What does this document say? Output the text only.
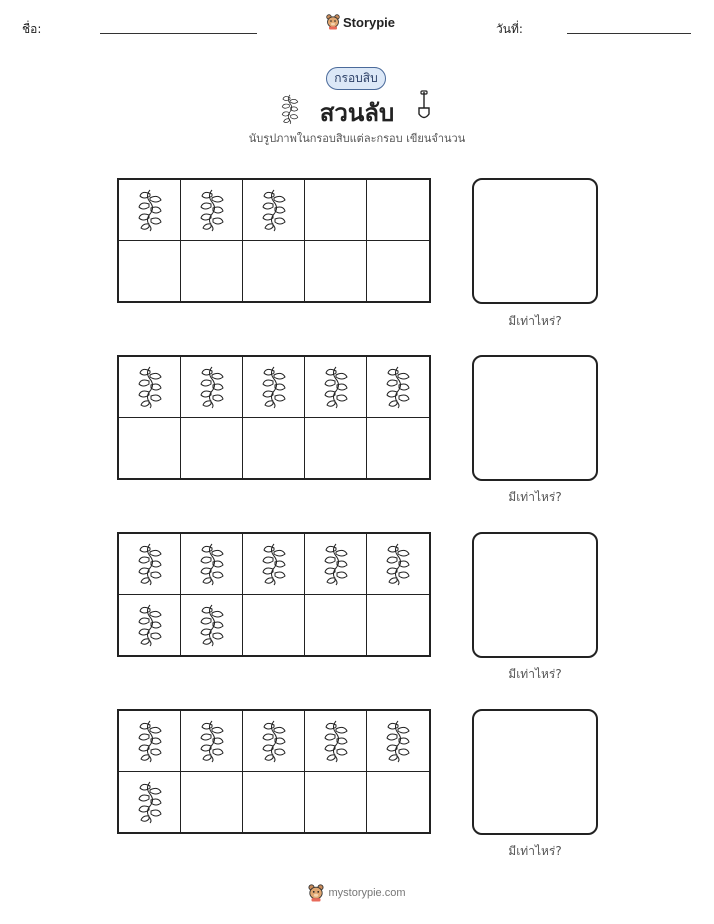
ชื่อ:	Storypie	วันที่:
กรอบสิบ
สวนลับ
นับรูปภาพในกรอบสิบแต่ละกรอบ เขียนจำนวน
มีเท่าไหร่?
มีเท่าไหร่?
มีเท่าไหร่?
มีเท่าไหร่?
mystorypie.com
